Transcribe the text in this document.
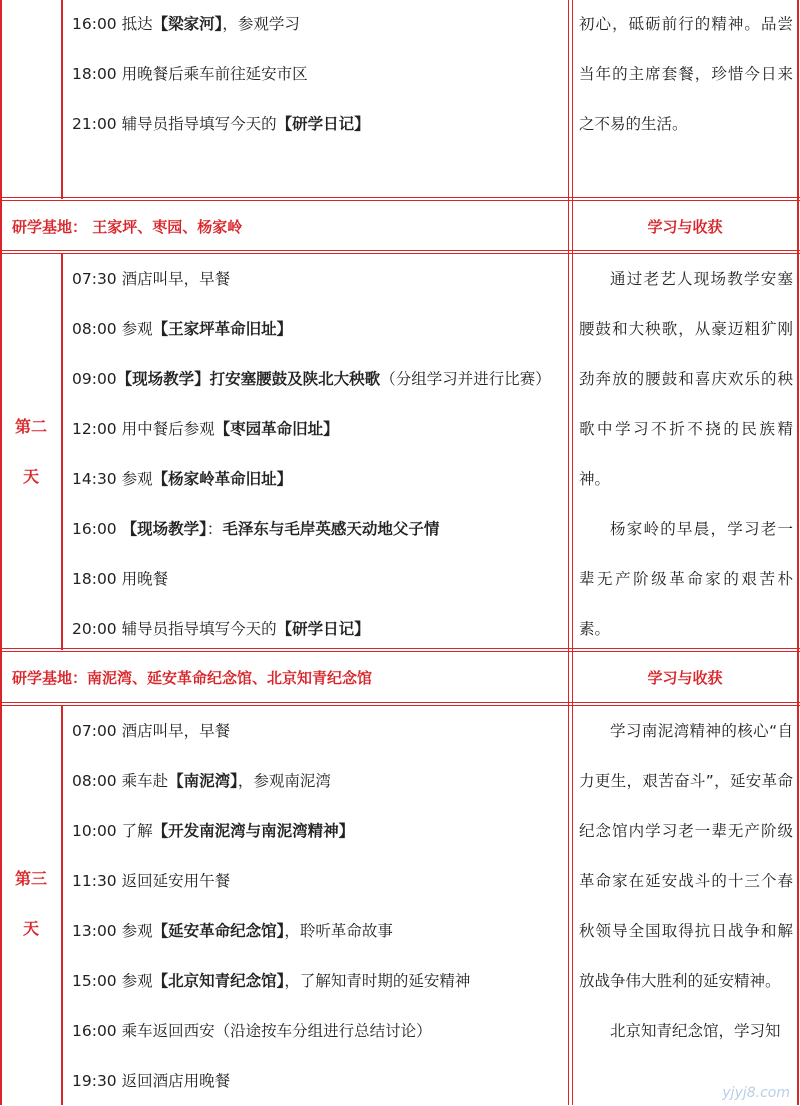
16:00 抵达【梁家河】，参观学习
18:00 用晚餐后乘车前往延安市区
21:00 辅导员指导填写今天的【研学日记】

初心，砥砺前行的精神。品尝当年的主席套餐，珍惜今日来之不易的生活。

研学基地： 王家坪、枣园、杨家岭	学习与收获
第二
天
07:30 酒店叫早，早餐
08:00 参观【王家坪革命旧址】
09:00【现场教学】打安塞腰鼓及陕北大秧歌（分组学习并进行比赛）
12:00 用中餐后参观【枣园革命旧址】
14:30 参观【杨家岭革命旧址】
16:00 【现场教学】：毛泽东与毛岸英感天动地父子情
18:00 用晚餐
20:00 辅导员指导填写今天的【研学日记】

通过老艺人现场教学安塞腰鼓和大秧歌，从豪迈粗犷刚劲奔放的腰鼓和喜庆欢乐的秧歌中学习不折不挠的民族精神。

杨家岭的早晨，学习老一辈无产阶级革命家的艰苦朴素。

研学基地：南泥湾、延安革命纪念馆、北京知青纪念馆	学习与收获
第三
天
07:00 酒店叫早，早餐
08:00 乘车赴【南泥湾】，参观南泥湾
10:00 了解【开发南泥湾与南泥湾精神】
11:30 返回延安用午餐
13:00 参观【延安革命纪念馆】，聆听革命故事
15:00 参观【北京知青纪念馆】，了解知青时期的延安精神
16:00 乘车返回西安（沿途按车分组进行总结讨论）
19:30 返回酒店用晚餐

学习南泥湾精神的核心“自力更生，艰苦奋斗”，延安革命纪念馆内学习老一辈无产阶级革命家在延安战斗的十三个春秋领导全国取得抗日战争和解放战争伟大胜利的延安精神。

北京知青纪念馆，学习知

yjyj8.com
